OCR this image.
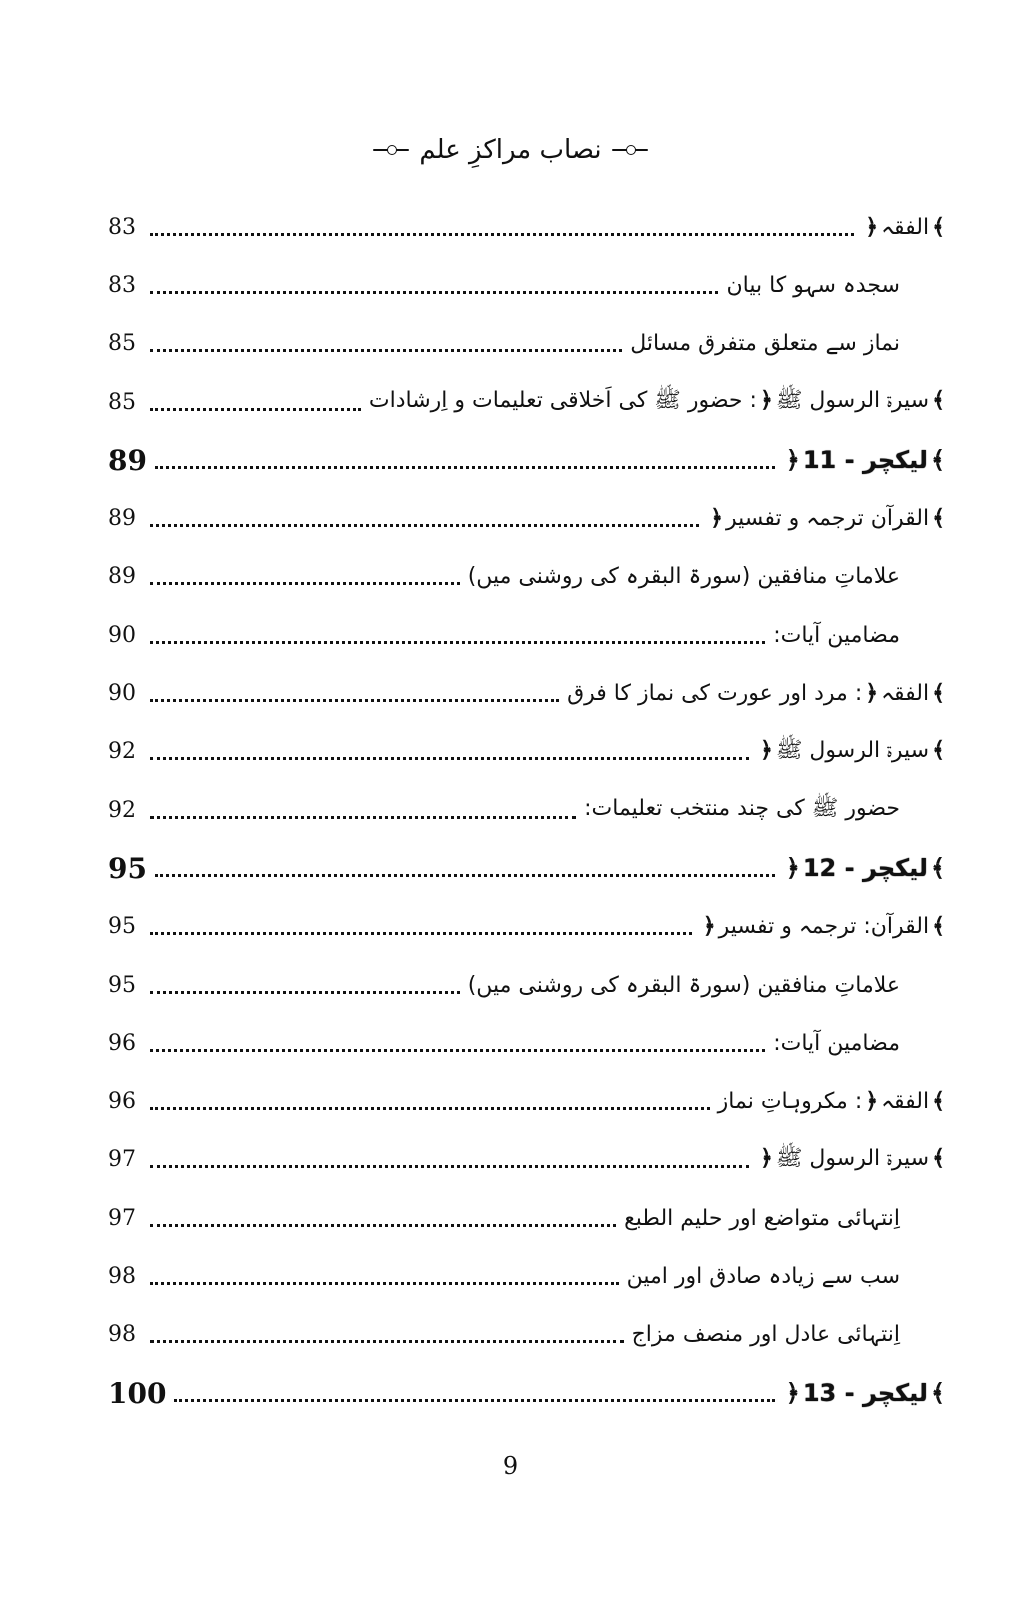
نصاب مراکزِ علم
﴾الفقہ﴿
83
سجدہ سہو کا بیان
83
نماز سے متعلق متفرق مسائل
85
﴾سیرۃ الرسول ﷺ﴿: حضور ﷺ کی اَخلاقی تعلیمات و اِرشادات
85
﴾لیکچر - 11﴿
89
﴾القرآن ترجمہ و تفسیر﴿
89
علاماتِ منافقین (سورۃ البقرہ کی روشنی میں)
89
مضامین آیات:
90
﴾الفقہ﴿: مرد اور عورت کی نماز کا فرق
90
﴾سیرۃ الرسول ﷺ﴿
92
حضور ﷺ کی چند منتخب تعلیمات:
92
﴾لیکچر - 12﴿
95
﴾القرآن: ترجمہ و تفسیر﴿
95
علاماتِ منافقین (سورۃ البقرہ کی روشنی میں)
95
مضامین آیات:
96
﴾الفقہ﴿: مکروہاتِ نماز
96
﴾سیرۃ الرسول ﷺ﴿
97
اِنتہائی متواضع اور حلیم الطبع
97
سب سے زیادہ صادق اور امین
98
اِنتہائی عادل اور منصف مزاج
98
﴾لیکچر - 13﴿
100
9
